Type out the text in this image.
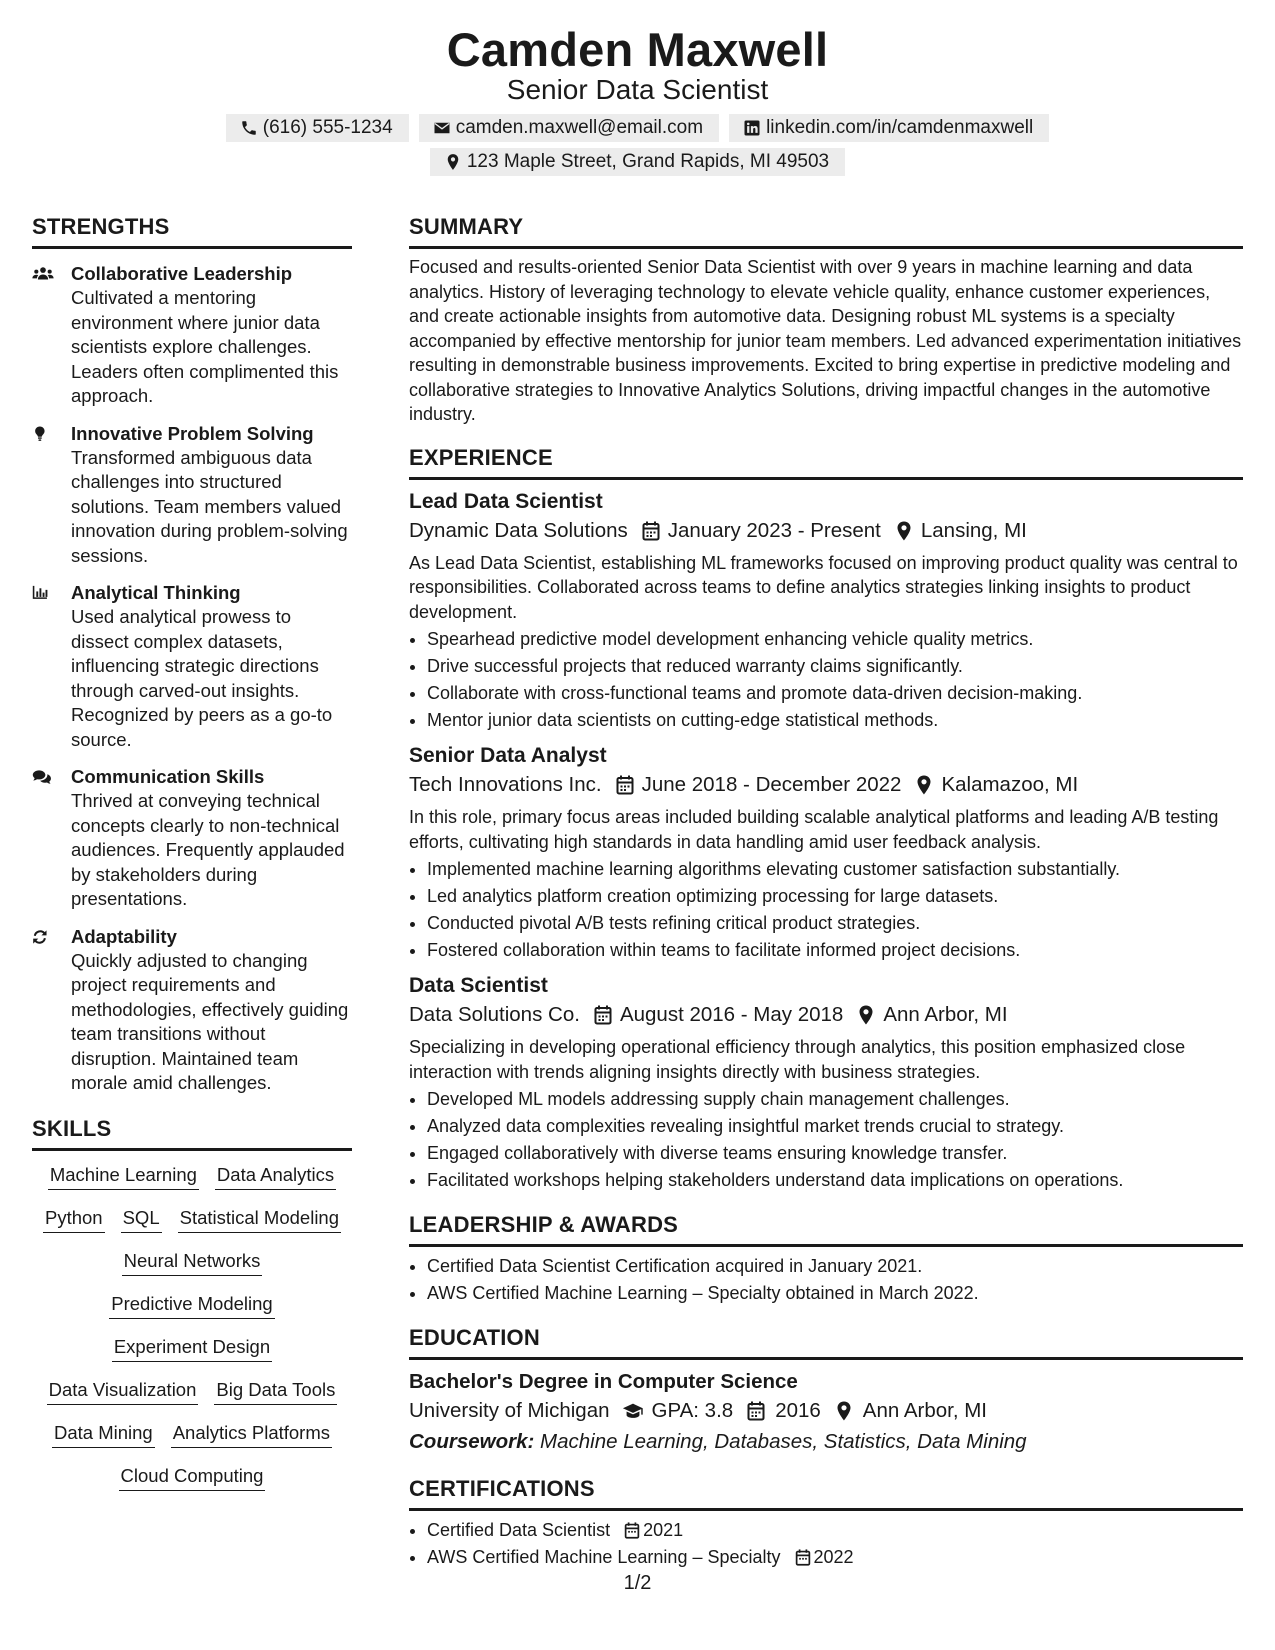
Camden Maxwell
Senior Data Scientist
(616) 555-1234	camden.maxwell@email.com	linkedin.com/in/camdenmaxwell
123 Maple Street, Grand Rapids, MI 49503
STRENGTHS
Collaborative Leadership
Cultivated a mentoring environment where junior data scientists explore challenges. Leaders often complimented this approach.
Innovative Problem Solving
Transformed ambiguous data challenges into structured solutions. Team members valued innovation during problem-solving sessions.
Analytical Thinking
Used analytical prowess to dissect complex datasets, influencing strategic directions through carved-out insights. Recognized by peers as a go-to source.
Communication Skills
Thrived at conveying technical concepts clearly to non-technical audiences. Frequently applauded by stakeholders during presentations.
Adaptability
Quickly adjusted to changing project requirements and methodologies, effectively guiding team transitions without disruption. Maintained team morale amid challenges.
SKILLS
Machine Learning Data Analytics
Python SQL Statistical Modeling
Neural Networks
Predictive Modeling
Experiment Design
Data Visualization Big Data Tools
Data Mining Analytics Platforms
Cloud Computing
SUMMARY
Focused and results-oriented Senior Data Scientist with over 9 years in machine learning and data analytics. History of leveraging technology to elevate vehicle quality, enhance customer experiences, and create actionable insights from automotive data. Designing robust ML systems is a specialty accompanied by effective mentorship for junior team members. Led advanced experimentation initiatives resulting in demonstrable business improvements. Excited to bring expertise in predictive modeling and collaborative strategies to Innovative Analytics Solutions, driving impactful changes in the automotive industry.
EXPERIENCE
Lead Data Scientist
Dynamic Data Solutions January 2023 - Present Lansing, MI
As Lead Data Scientist, establishing ML frameworks focused on improving product quality was central to responsibilities. Collaborated across teams to define analytics strategies linking insights to product development.
• Spearhead predictive model development enhancing vehicle quality metrics.
• Drive successful projects that reduced warranty claims significantly.
• Collaborate with cross-functional teams and promote data-driven decision-making.
• Mentor junior data scientists on cutting-edge statistical methods.
Senior Data Analyst
Tech Innovations Inc. June 2018 - December 2022 Kalamazoo, MI
In this role, primary focus areas included building scalable analytical platforms and leading A/B testing efforts, cultivating high standards in data handling amid user feedback analysis.
• Implemented machine learning algorithms elevating customer satisfaction substantially.
• Led analytics platform creation optimizing processing for large datasets.
• Conducted pivotal A/B tests refining critical product strategies.
• Fostered collaboration within teams to facilitate informed project decisions.
Data Scientist
Data Solutions Co. August 2016 - May 2018 Ann Arbor, MI
Specializing in developing operational efficiency through analytics, this position emphasized close interaction with trends aligning insights directly with business strategies.
• Developed ML models addressing supply chain management challenges.
• Analyzed data complexities revealing insightful market trends crucial to strategy.
• Engaged collaboratively with diverse teams ensuring knowledge transfer.
• Facilitated workshops helping stakeholders understand data implications on operations.
LEADERSHIP & AWARDS
• Certified Data Scientist Certification acquired in January 2021.
• AWS Certified Machine Learning – Specialty obtained in March 2022.
EDUCATION
Bachelor's Degree in Computer Science
University of Michigan GPA: 3.8 2016 Ann Arbor, MI
Coursework: Machine Learning, Databases, Statistics, Data Mining
CERTIFICATIONS
• Certified Data Scientist 2021
• AWS Certified Machine Learning – Specialty 2022
1/2
